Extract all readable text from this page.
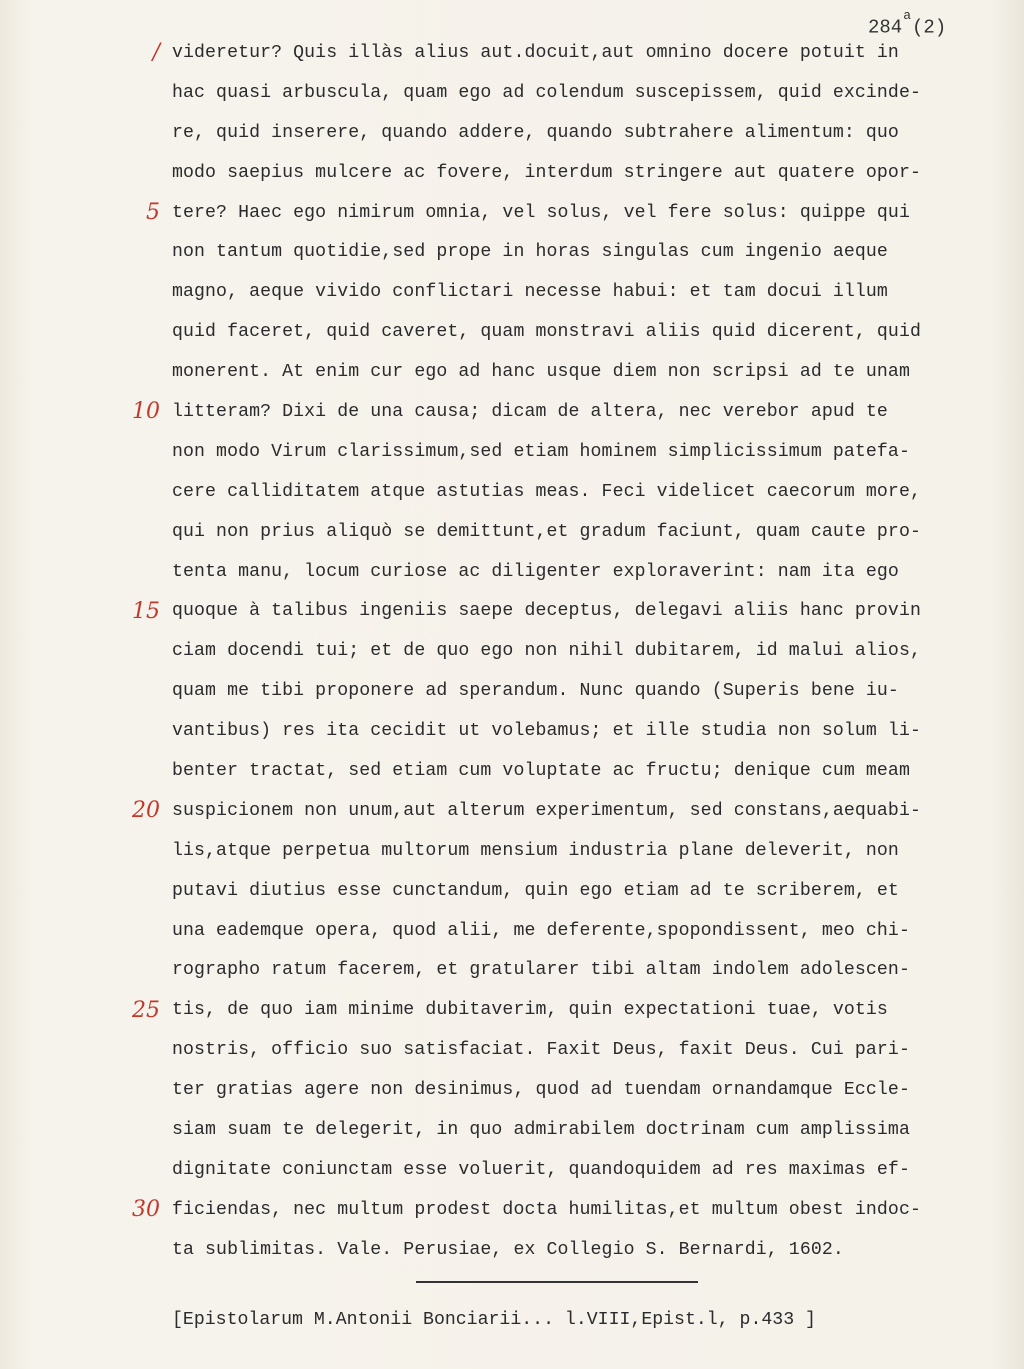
284$^a$(2)
/
5
10
15
20
25
30
videretur? Quis illàs alius aut.docuit,aut omnino docere potuit in
hac quasi arbuscula, quam ego ad colendum suscepissem, quid excinde-
re, quid inserere, quando addere, quando subtrahere alimentum: quo
modo saepius mulcere ac fovere, interdum stringere aut quatere opor-
tere? Haec ego nimirum omnia, vel solus, vel fere solus: quippe qui
non tantum quotidie,sed prope in horas singulas cum ingenio aeque
magno, aeque vivido conflictari necesse habui: et tam docui illum
quid faceret, quid caveret, quam monstravi aliis quid dicerent, quid
monerent. At enim cur ego ad hanc usque diem non scripsi ad te unam
litteram? Dixi de una causa; dicam de altera, nec verebor apud te
non modo Virum clarissimum,sed etiam hominem simplicissimum patefa-
cere calliditatem atque astutias meas. Feci videlicet caecorum more,
qui non prius aliquò se demittunt,et gradum faciunt, quam caute pro-
tenta manu, locum curiose ac diligenter exploraverint: nam ita ego
quoque à talibus ingeniis saepe deceptus, delegavi aliis hanc provin
ciam docendi tui; et de quo ego non nihil dubitarem, id malui alios,
quam me tibi proponere ad sperandum. Nunc quando (Superis bene iu-
vantibus) res ita cecidit ut volebamus; et ille studia non solum li-
benter tractat, sed etiam cum voluptate ac fructu; denique cum meam
suspicionem non unum,aut alterum experimentum, sed constans,aequabi-
lis,atque perpetua multorum mensium industria plane deleverit, non
putavi diutius esse cunctandum, quin ego etiam ad te scriberem, et
una eademque opera, quod alii, me deferente,spopondissent, meo chi-
rographo ratum facerem, et gratularer tibi altam indolem adolescen-
tis, de quo iam minime dubitaverim, quin expectationi tuae, votis
nostris, officio suo satisfaciat. Faxit Deus, faxit Deus. Cui pari-
ter gratias agere non desinimus, quod ad tuendam ornandamque Eccle-
siam suam te delegerit, in quo admirabilem doctrinam cum amplissima
dignitate coniunctam esse voluerit, quandoquidem ad res maximas ef-
ficiendas, nec multum prodest docta humilitas,et multum obest indoc-
ta sublimitas. Vale. Perusiae, ex Collegio S. Bernardi, 1602.
[Epistolarum M.Antonii Bonciarii... l.VIII,Epist.l, p.433 ]
